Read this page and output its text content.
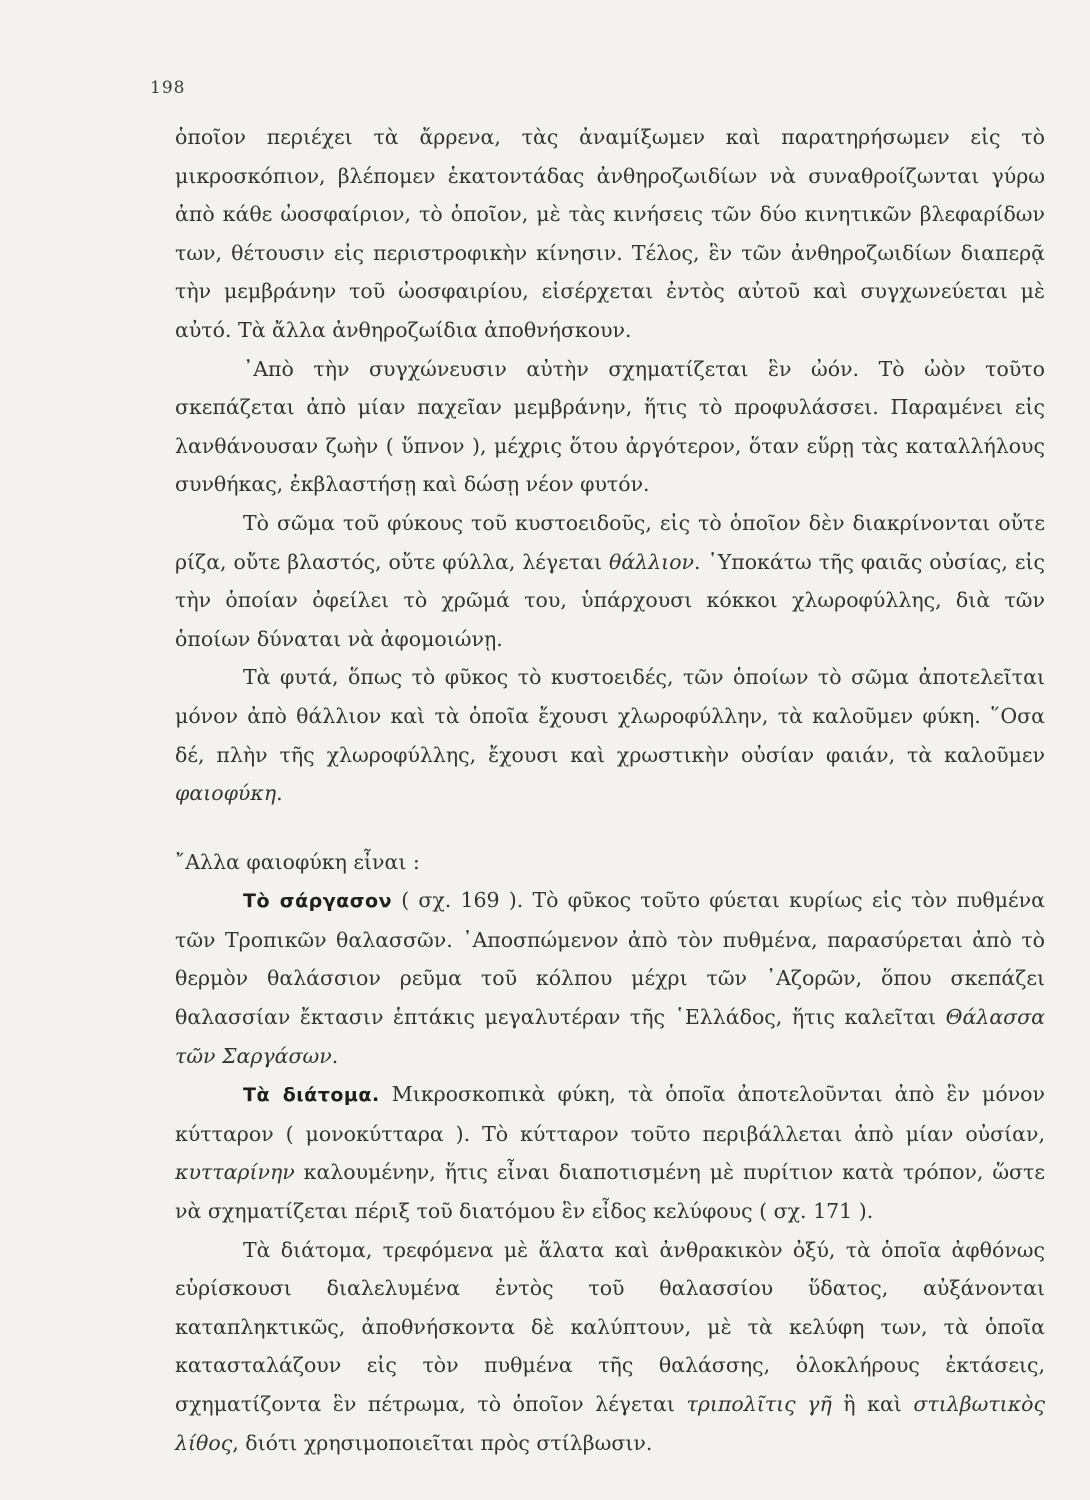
198

ὁποῖον περιέχει τὰ ἄρρενα, τὰς ἀναμίξωμεν καὶ παρατηρήσωμεν εἰς τὸ μικροσκόπιον, βλέπομεν ἑκατοντάδας ἀνθηροζωιδίων νὰ συναθροίζωνται γύρω ἀπὸ κάθε ὠοσφαίριον, τὸ ὁποῖον, μὲ τὰς κινήσεις τῶν δύο κινητικῶν βλεφαρίδων των, θέτουσιν εἰς περιστροφικὴν κίνησιν. Τέλος, ἓν τῶν ἀνθηροζωιδίων διαπερᾷ τὴν μεμβράνην τοῦ ὠοσφαιρίου, εἰσέρχεται ἐντὸς αὐτοῦ καὶ συγχωνεύεται μὲ αὐτό. Τὰ ἄλλα ἀνθηροζωίδια ἀποθνήσκουν.

᾿Απὸ τὴν συγχώνευσιν αὐτὴν σχηματίζεται ἓν ὠόν. Τὸ ὠὸν τοῦτο σκεπάζεται ἀπὸ μίαν παχεῖαν μεμβράνην, ἥτις τὸ προφυλάσσει. Παραμένει εἰς λανθάνουσαν ζωὴν ( ὕπνον ), μέχρις ὅτου ἀργότερον, ὅταν εὕρῃ τὰς καταλλήλους συνθήκας, ἐκβλαστήσῃ καὶ δώσῃ νέον φυτόν.

Τὸ σῶμα τοῦ φύκους τοῦ κυστοειδοῦς, εἰς τὸ ὁποῖον δὲν διακρίνονται οὔτε ρίζα, οὔτε βλαστός, οὔτε φύλλα, λέγεται θάλλιον. ῾Υποκάτω τῆς φαιᾶς οὐσίας, εἰς τὴν ὁποίαν ὀφείλει τὸ χρῶμά του, ὑπάρχουσι κόκκοι χλωροφύλλης, διὰ τῶν ὁποίων δύναται νὰ ἀφομοιώνῃ.

Τὰ φυτά, ὅπως τὸ φῦκος τὸ κυστοειδές, τῶν ὁποίων τὸ σῶμα ἀποτελεῖται μόνον ἀπὸ θάλλιον καὶ τὰ ὁποῖα ἔχουσι χλωροφύλλην, τὰ καλοῦμεν φύκη. ῞Οσα δέ, πλὴν τῆς χλωροφύλλης, ἔχουσι καὶ χρωστικὴν οὐσίαν φαιάν, τὰ καλοῦμεν φαιοφύκη.

῎Αλλα φαιοφύκη εἶναι :

Τὸ σάργασον ( σχ. 169 ). Τὸ φῦκος τοῦτο φύεται κυρίως εἰς τὸν πυθμένα τῶν Τροπικῶν θαλασσῶν. ᾿Αποσπώμενον ἀπὸ τὸν πυθμένα, παρασύρεται ἀπὸ τὸ θερμὸν θαλάσσιον ρεῦμα τοῦ κόλπου μέχρι τῶν ᾿Αζορῶν, ὅπου σκεπάζει θαλασσίαν ἔκτασιν ἑπτάκις μεγαλυτέραν τῆς ῾Ελλάδος, ἥτις καλεῖται Θάλασσα τῶν Σαργάσων.

Τὰ διάτομα. Μικροσκοπικὰ φύκη, τὰ ὁποῖα ἀποτελοῦνται ἀπὸ ἓν μόνον κύτταρον ( μονοκύτταρα ). Τὸ κύτταρον τοῦτο περιβάλλεται ἀπὸ μίαν οὐσίαν, κυτταρίνην καλουμένην, ἥτις εἶναι διαποτισμένη μὲ πυρίτιον κατὰ τρόπον, ὥστε νὰ σχηματίζεται πέριξ τοῦ διατόμου ἓν εἶδος κελύφους ( σχ. 171 ).

Τὰ διάτομα, τρεφόμενα μὲ ἅλατα καὶ ἀνθρακικὸν ὀξύ, τὰ ὁποῖα ἀφθόνως εὑρίσκουσι διαλελυμένα ἐντὸς τοῦ θαλασσίου ὕδατος, αὐξάνονται καταπληκτικῶς, ἀποθνήσκοντα δὲ καλύπτουν, μὲ τὰ κελύφη των, τὰ ὁποῖα κατασταλάζουν εἰς τὸν πυθμένα τῆς θαλάσσης, ὁλοκλήρους ἐκτάσεις, σχηματίζοντα ἓν πέτρωμα, τὸ ὁποῖον λέγεται τριπολῖτις γῆ ἢ καὶ στιλβωτικὸς λίθος, διότι χρησιμοποιεῖται πρὸς στίλβωσιν.
